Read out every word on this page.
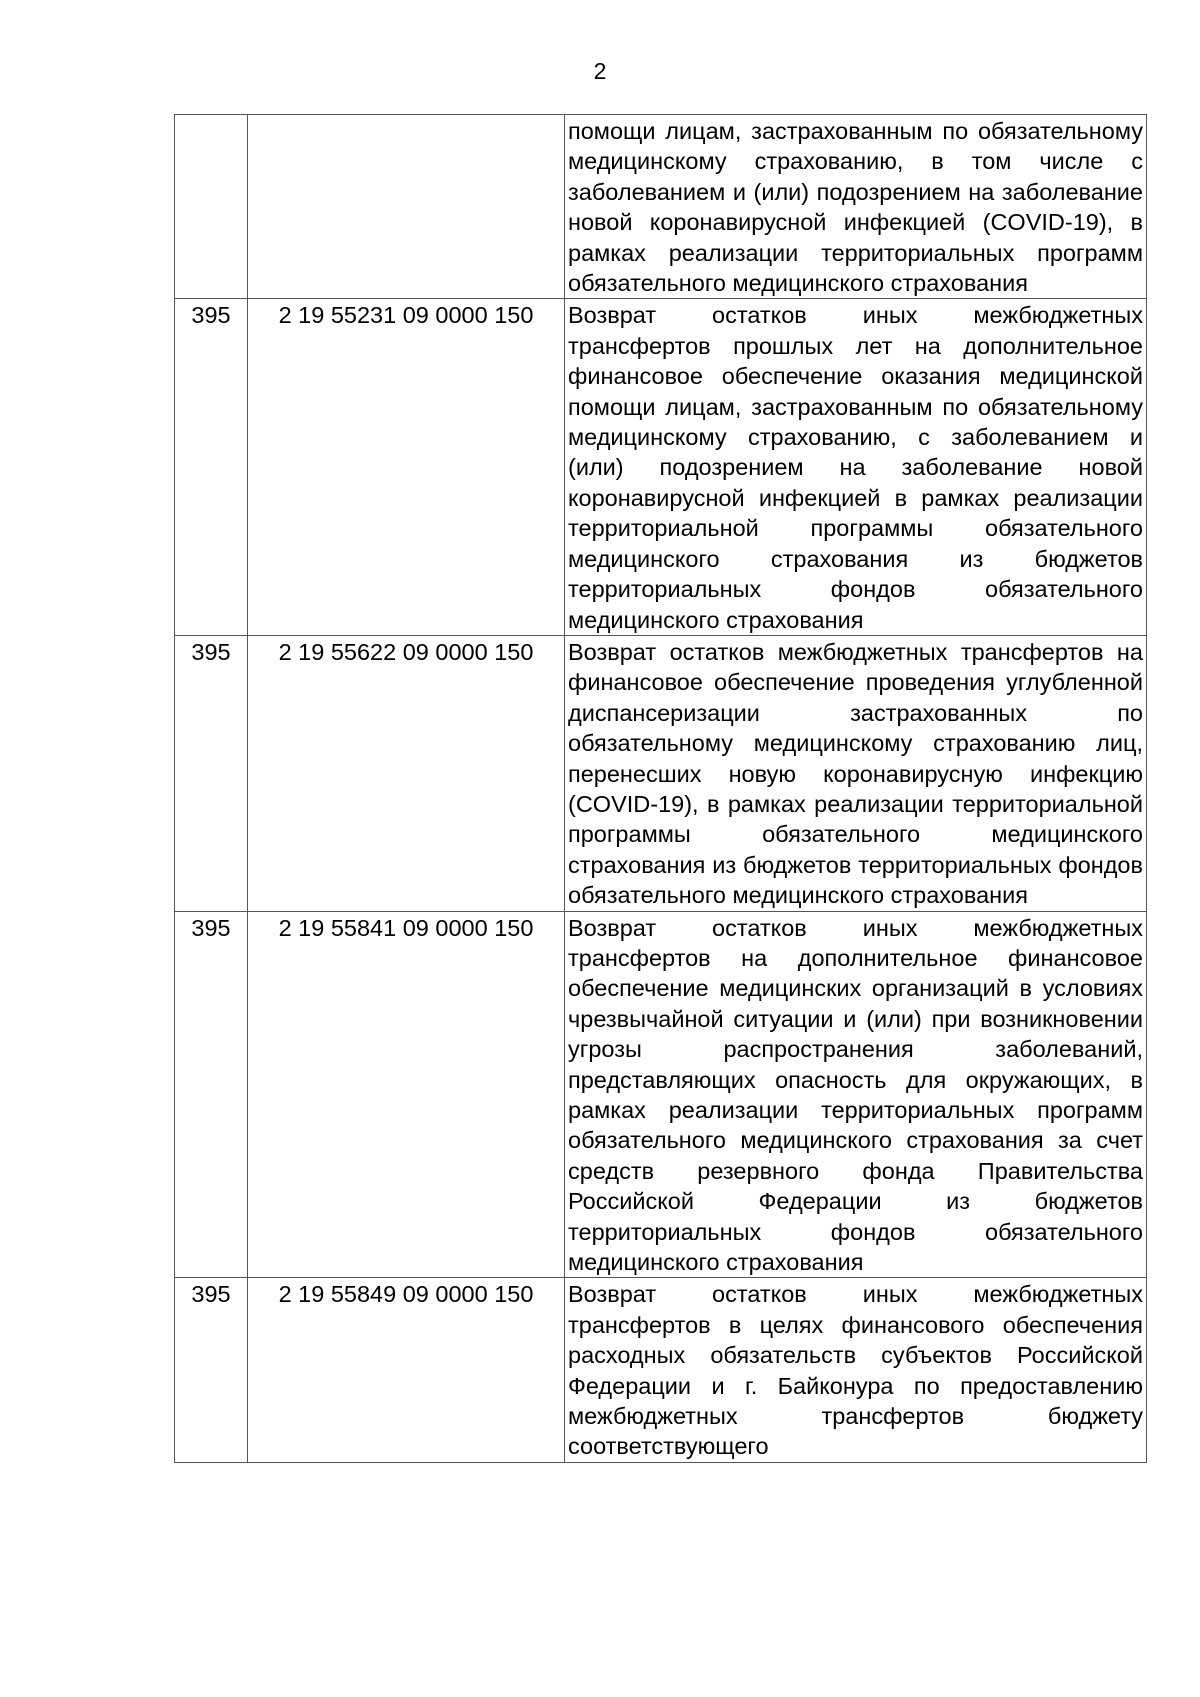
2
		помощи лицам, застрахованным по обязательному медицинскому страхованию, в том числе с заболеванием и (или) подозрением на заболевание новой коронавирусной инфекцией (COVID-19), в рамках реализации территориальных программ обязательного медицинского страхования
395	2 19 55231 09 0000 150	Возврат остатков иных межбюджетных трансфертов прошлых лет на дополнительное финансовое обеспечение оказания медицинской помощи лицам, застрахованным по обязательному медицинскому страхованию, с заболеванием и (или) подозрением на заболевание новой коронавирусной инфекцией в рамках реализации территориальной программы обязательного медицинского страхования из бюджетов территориальных фондов обязательного медицинского страхования
395	2 19 55622 09 0000 150	Возврат остатков межбюджетных трансфертов на финансовое обеспечение проведения углубленной диспансеризации застрахованных по обязательному медицинскому страхованию лиц, перенесших новую коронавирусную инфекцию (COVID-19), в рамках реализации территориальной программы обязательного медицинского страхования из бюджетов территориальных фондов обязательного медицинского страхования
395	2 19 55841 09 0000 150	Возврат остатков иных межбюджетных трансфертов на дополнительное финансовое обеспечение медицинских организаций в условиях чрезвычайной ситуации и (или) при возникновении угрозы распространения заболеваний, представляющих опасность для окружающих, в рамках реализации территориальных программ обязательного медицинского страхования за счет средств резервного фонда Правительства Российской Федерации из бюджетов территориальных фондов обязательного медицинского страхования
395	2 19 55849 09 0000 150	Возврат остатков иных межбюджетных трансфертов в целях финансового обеспечения расходных обязательств субъектов Российской Федерации и г. Байконура по предоставлению межбюджетных трансфертов бюджету соответствующего
